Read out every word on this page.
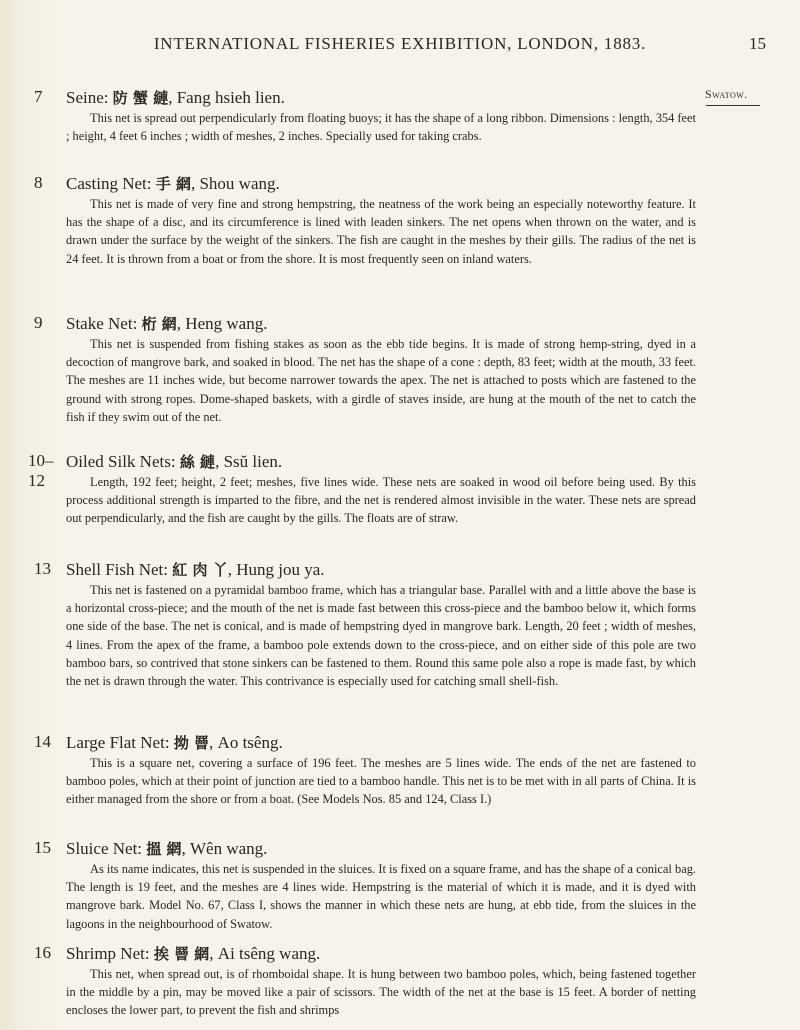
INTERNATIONAL FISHERIES EXHIBITION, LONDON, 1883.	15
Swatow.
7	Seine: 防 蟹 縺, Fang hsieh lien.
This net is spread out perpendicularly from floating buoys; it has the shape of a long ribbon. Dimensions : length, 354 feet ; height, 4 feet 6 inches ; width of meshes, 2 inches. Specially used for taking crabs.
8	Casting Net: 手 網, Shou wang.
This net is made of very fine and strong hempstring, the neatness of the work being an especially noteworthy feature. It has the shape of a disc, and its circumference is lined with leaden sinkers. The net opens when thrown on the water, and is drawn under the surface by the weight of the sinkers. The fish are caught in the meshes by their gills. The radius of the net is 24 feet. It is thrown from a boat or from the shore. It is most frequently seen on inland waters.
9	Stake Net: 桁 網, Heng wang.
This net is suspended from fishing stakes as soon as the ebb tide begins. It is made of strong hemp-string, dyed in a decoction of mangrove bark, and soaked in blood. The net has the shape of a cone : depth, 83 feet; width at the mouth, 33 feet. The meshes are 11 inches wide, but become narrower towards the apex. The net is attached to posts which are fastened to the ground with strong ropes. Dome-shaped baskets, with a girdle of staves inside, are hung at the mouth of the net to catch the fish if they swim out of the net.
10–12
Oiled Silk Nets: 絲 縺, Ssŭ lien.
Length, 192 feet; height, 2 feet; meshes, five lines wide. These nets are soaked in wood oil before being used. By this process additional strength is imparted to the fibre, and the net is rendered almost invisible in the water. These nets are spread out perpendicularly, and the fish are caught by the gills. The floats are of straw.
13 Shell Fish Net: 紅 肉 丫, Hung jou ya.
This net is fastened on a pyramidal bamboo frame, which has a triangular base. Parallel with and a little above the base is a horizontal cross-piece; and the mouth of the net is made fast between this cross-piece and the bamboo below it, which forms one side of the base. The net is conical, and is made of hempstring dyed in mangrove bark. Length, 20 feet ; width of meshes, 4 lines. From the apex of the frame, a bamboo pole extends down to the cross-piece, and on either side of this pole are two bamboo bars, so contrived that stone sinkers can be fastened to them. Round this same pole also a rope is made fast, by which the net is drawn through the water. This contrivance is especially used for catching small shell-fish.
14 Large Flat Net: 拗 罾, Ao tsêng.
This is a square net, covering a surface of 196 feet. The meshes are 5 lines wide. The ends of the net are fastened to bamboo poles, which at their point of junction are tied to a bamboo handle. This net is to be met with in all parts of China. It is either managed from the shore or from a boat. (See Models Nos. 85 and 124, Class I.)
15 Sluice Net: 搵 網, Wên wang.
As its name indicates, this net is suspended in the sluices. It is fixed on a square frame, and has the shape of a conical bag. The length is 19 feet, and the meshes are 4 lines wide. Hempstring is the material of which it is made, and it is dyed with mangrove bark. Model No. 67, Class I, shows the manner in which these nets are hung, at ebb tide, from the sluices in the lagoons in the neighbourhood of Swatow.
16 Shrimp Net: 挨 罾 網, Ai tsêng wang.
This net, when spread out, is of rhomboidal shape. It is hung between two bamboo poles, which, being fastened together in the middle by a pin, may be moved like a pair of scissors. The width of the net at the base is 15 feet. A border of netting encloses the lower part, to prevent the fish and shrimps
